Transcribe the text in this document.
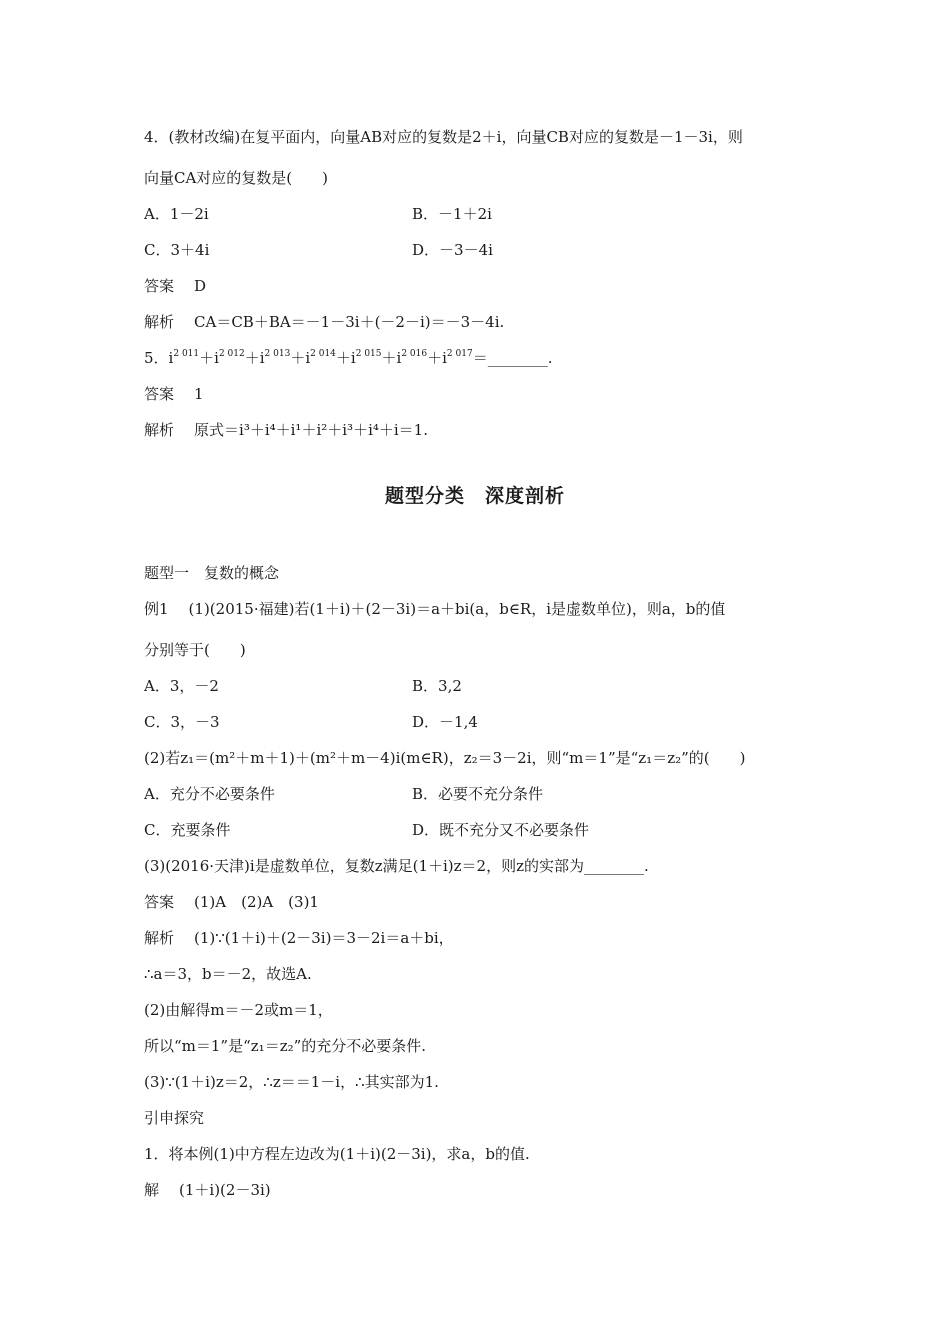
4．(教材改编)在复平面内，向量AB对应的复数是2＋i，向量CB对应的复数是－1－3i，则
向量CA对应的复数是(　　)
A．1－2i	B．－1＋2i
C．3＋4i	D．－3－4i
答案 D
解析 CA＝CB＋BA＝－1－3i＋(－2－i)＝－3－4i.
5．$i^{2 011}+i^{2 012}+i^{2 013}+i^{2 014}+i^{2 015}+i^{2 016}+i^{2 017}=\_\_\_\_\_\_\_\_$.
答案 1
解析 原式＝i³＋i⁴＋i¹＋i²＋i³＋i⁴＋i＝1.
题型分类　深度剖析
题型一　复数的概念
例1 (1)(2015·福建)若(1＋i)＋(2－3i)＝a＋bi(a，b∈R，i是虚数单位)，则a，b的值
分别等于(　　)
A．3，－2	B．3,2
C．3，－3	D．－1,4
(2)若z₁＝(m²＋m＋1)＋(m²＋m－4)i(m∈R)，z₂＝3－2i，则“m＝1”是“z₁＝z₂”的(　　)
A．充分不必要条件	B．必要不充分条件
C．充要条件	D．既不充分又不必要条件
(3)(2016·天津)i是虚数单位，复数z满足(1＋i)z＝2，则z的实部为________.
答案 (1)A　(2)A　(3)1
解析 (1)∵(1＋i)＋(2－3i)＝3－2i＝a＋bi，
∴a＝3，b＝－2，故选A.
(2)由解得m＝－2或m＝1，
所以“m＝1”是“z₁＝z₂”的充分不必要条件.
(3)∵(1＋i)z＝2，∴z＝＝1－i，∴其实部为1.
引申探究
1．将本例(1)中方程左边改为(1＋i)(2－3i)，求a，b的值.
解 (1＋i)(2－3i)
